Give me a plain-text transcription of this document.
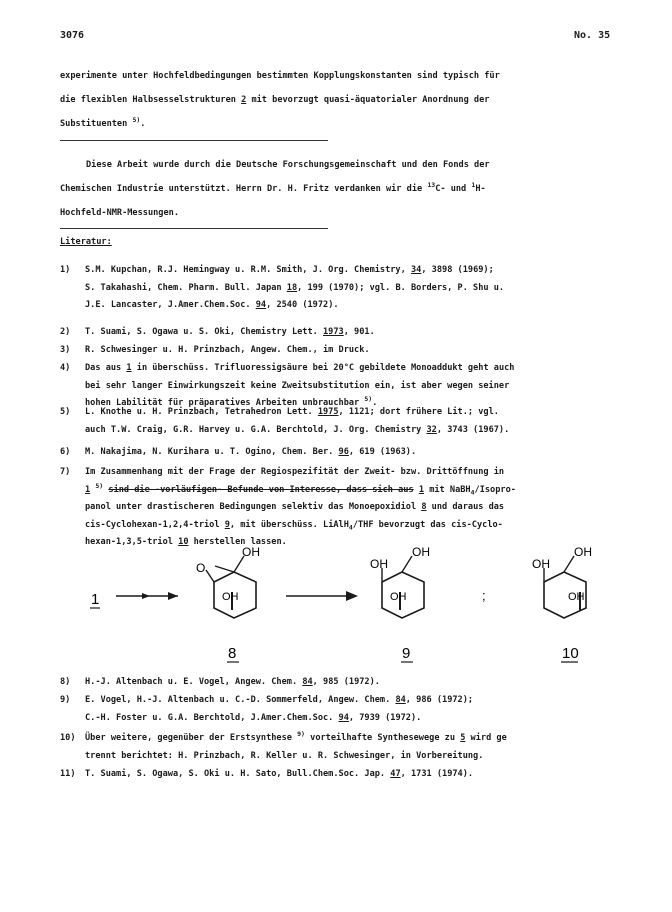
3076	No. 35
experimente unter Hochfeldbedingungen bestimmten Kopplungskonstanten sind typisch für
die flexiblen Halbsesselstrukturen 2 mit bevorzugt quasi-äquatorialer Anordnung der
Substituenten $^{5)}$.
Diese Arbeit wurde durch die Deutsche Forschungsgemeinschaft und den Fonds der
Chemischen Industrie unterstützt. Herrn Dr. H. Fritz verdanken wir die $^{13}$C- und $^1$H-
Hochfeld-NMR-Messungen.
Literatur:
1)	S.M. Kupchan, R.J. Hemingway u. R.M. Smith, J. Org. Chemistry, 34, 3898 (1969);
S. Takahashi, Chem. Pharm. Bull. Japan 18, 199 (1970); vgl. B. Borders, P. Shu u.
J.E. Lancaster, J.Amer.Chem.Soc. 94, 2540 (1972).
2)	T. Suami, S. Ogawa u. S. Oki, Chemistry Lett. 1973, 901.
3)	R. Schwesinger u. H. Prinzbach, Angew. Chem., im Druck.
4)	Das aus 1 in überschüss. Trifluoressigsäure bei 20°C gebildete Monoaddukt geht auch
bei sehr langer Einwirkungszeit keine Zweitsubstitution ein, ist aber wegen seiner
hohen Labilität für präparatives Arbeiten unbrauchbar $^{5)}$.
5)	L. Knothe u. H. Prinzbach, Tetrahedron Lett. 1975, 1121; dort frühere Lit.; vgl.
auch T.W. Craig, G.R. Harvey u. G.A. Berchtold, J. Org. Chemistry 32, 3743 (1967).
6)	M. Nakajima, N. Kurihara u. T. Ogino, Chem. Ber. 96, 619 (1963).
7)	Im Zusammenhang mit der Frage der Regiospezifität der Zweit- bzw. Drittöffnung in
1 $^{5)}$ sind die -vorläufigen- Befunde von Interesse, dass sich aus 1 mit NaBH$_4$/Isopro-
panol unter drastischeren Bedingungen selektiv das Monoepoxidiol 8 und daraus das
cis-Cyclohexan-1,2,4-triol 9, mit überschüss. LiAlH$_4$/THF bevorzugt das cis-Cyclo-
hexan-1,3,5-triol 10 herstellen lassen.
8)	H.-J. Altenbach u. E. Vogel, Angew. Chem. 84, 985 (1972).
9)	E. Vogel, H.-J. Altenbach u. C.-D. Sommerfeld, Angew. Chem. 84, 986 (1972);
C.-H. Foster u. G.A. Berchtold, J.Amer.Chem.Soc. 94, 7939 (1972).
10)	Über weitere, gegenüber der Erstsynthese $^{9)}$ vorteilhafte Synthesewege zu 5 wird ge
trennt berichtet: H. Prinzbach, R. Keller u. R. Schwesinger, in Vorbereitung.
11)	T. Suami, S. Ogawa, S. Oki u. H. Sato, Bull.Chem.Soc. Jap. 47, 1731 (1974).
1
OH
O
OH
8
OH
OH
OH
9
;
OH
OH
OH
10
